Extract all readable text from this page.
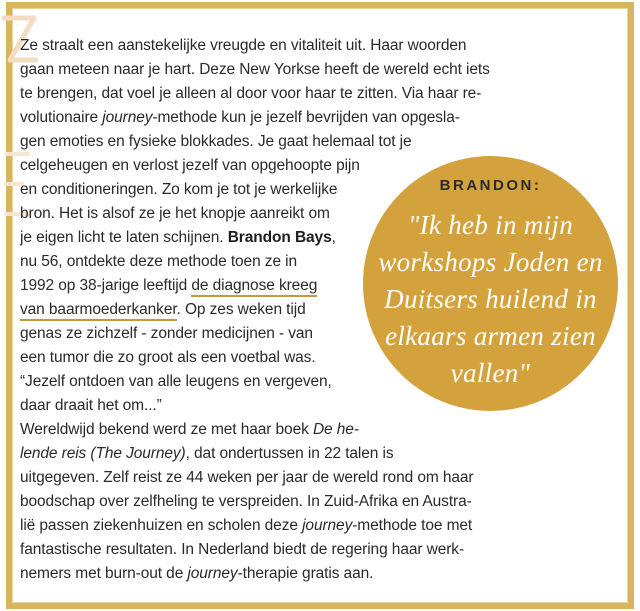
Ze straalt een aanstekelijke vreugde en vitaliteit uit. Haar woorden
gaan meteen naar je hart. Deze New Yorkse heeft de wereld echt iets
te brengen, dat voel je alleen al door voor haar te zitten. Via haar re-
volutionaire journey-methode kun je jezelf bevrijden van opgesla-
gen emoties en fysieke blokkades. Je gaat helemaal tot je
celgeheugen en verlost jezelf van opgehoopte pijn
en conditioneringen. Zo kom je tot je werkelijke
bron. Het is alsof ze je het knopje aanreikt om
je eigen licht te laten schijnen. Brandon Bays,
nu 56, ontdekte deze methode toen ze in
1992 op 38-jarige leeftijd de diagnose kreeg
van baarmoederkanker. Op zes weken tijd
genas ze zichzelf - zonder medicijnen - van
een tumor die zo groot als een voetbal was.
“Jezelf ontdoen van alle leugens en vergeven,
daar draait het om...”
Wereldwijd bekend werd ze met haar boek De he-
lende reis (The Journey), dat ondertussen in 22 talen is
uitgegeven. Zelf reist ze 44 weken per jaar de wereld rond om haar
boodschap over zelfheling te verspreiden. In Zuid-Afrika en Austra-
lië passen ziekenhuizen en scholen deze journey-methode toe met
fantastische resultaten. In Nederland biedt de regering haar werk-
nemers met burn-out de journey-therapie gratis aan.
BRANDON:
"Ik heb in mijn
workshops Joden en
Duitsers huilend in
elkaars armen zien
vallen"
